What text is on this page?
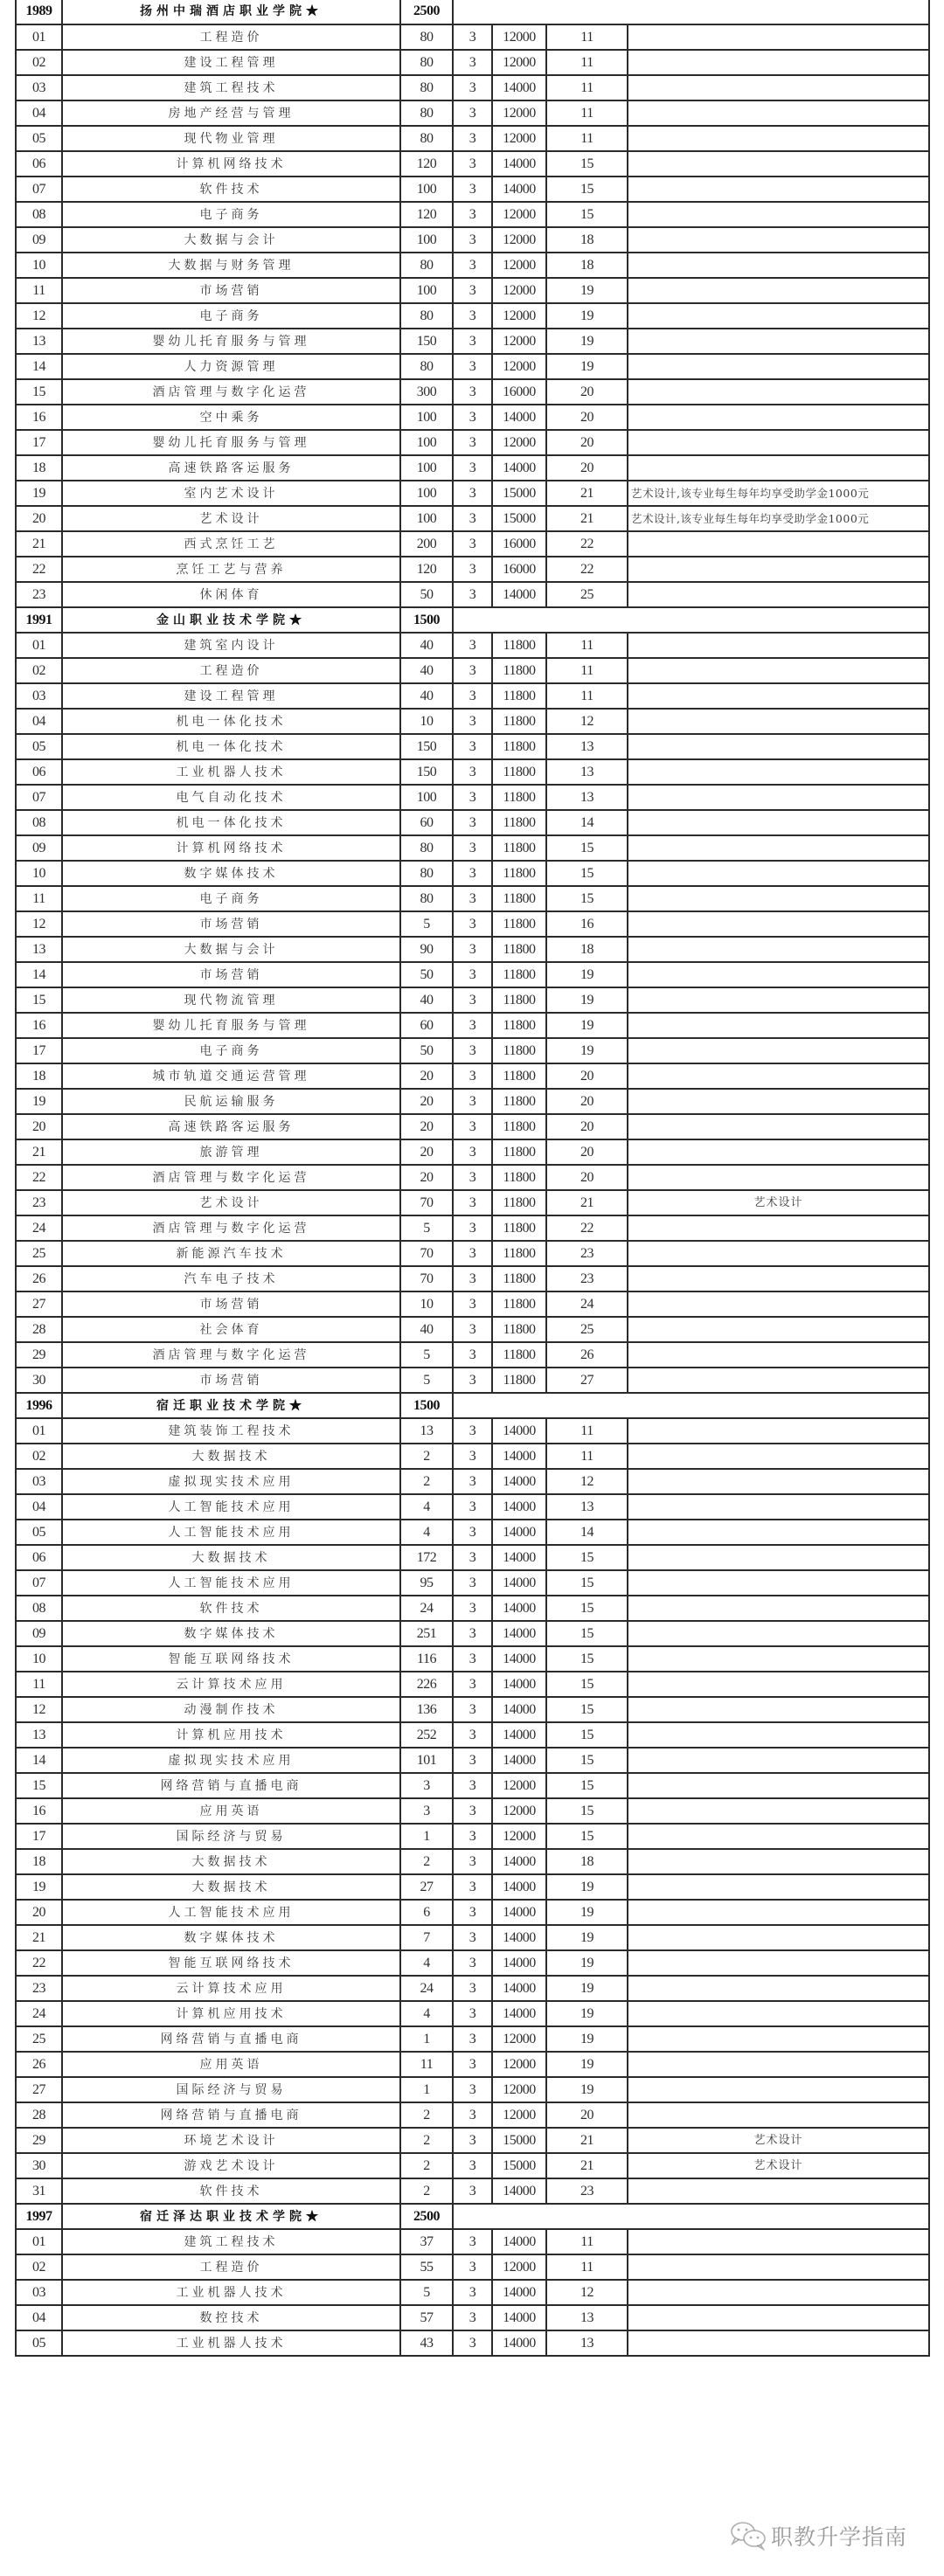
1989	扬州中瑞酒店职业学院★	2500				
01	工程造价	80	3	12000	11	
02	建设工程管理	80	3	12000	11	
03	建筑工程技术	80	3	14000	11	
04	房地产经营与管理	80	3	12000	11	
05	现代物业管理	80	3	12000	11	
06	计算机网络技术	120	3	14000	15	
07	软件技术	100	3	14000	15	
08	电子商务	120	3	12000	15	
09	大数据与会计	100	3	12000	18	
10	大数据与财务管理	80	3	12000	18	
11	市场营销	100	3	12000	19	
12	电子商务	80	3	12000	19	
13	婴幼儿托育服务与管理	150	3	12000	19	
14	人力资源管理	80	3	12000	19	
15	酒店管理与数字化运营	300	3	16000	20	
16	空中乘务	100	3	14000	20	
17	婴幼儿托育服务与管理	100	3	12000	20	
18	高速铁路客运服务	100	3	14000	20	
19	室内艺术设计	100	3	15000	21	艺术设计,该专业每生每年均享受助学金1000元
20	艺术设计	100	3	15000	21	艺术设计,该专业每生每年均享受助学金1000元
21	西式烹饪工艺	200	3	16000	22	
22	烹饪工艺与营养	120	3	16000	22	
23	休闲体育	50	3	14000	25	
1991	金山职业技术学院★	1500				
01	建筑室内设计	40	3	11800	11	
02	工程造价	40	3	11800	11	
03	建设工程管理	40	3	11800	11	
04	机电一体化技术	10	3	11800	12	
05	机电一体化技术	150	3	11800	13	
06	工业机器人技术	150	3	11800	13	
07	电气自动化技术	100	3	11800	13	
08	机电一体化技术	60	3	11800	14	
09	计算机网络技术	80	3	11800	15	
10	数字媒体技术	80	3	11800	15	
11	电子商务	80	3	11800	15	
12	市场营销	5	3	11800	16	
13	大数据与会计	90	3	11800	18	
14	市场营销	50	3	11800	19	
15	现代物流管理	40	3	11800	19	
16	婴幼儿托育服务与管理	60	3	11800	19	
17	电子商务	50	3	11800	19	
18	城市轨道交通运营管理	20	3	11800	20	
19	民航运输服务	20	3	11800	20	
20	高速铁路客运服务	20	3	11800	20	
21	旅游管理	20	3	11800	20	
22	酒店管理与数字化运营	20	3	11800	20	
23	艺术设计	70	3	11800	21	艺术设计
24	酒店管理与数字化运营	5	3	11800	22	
25	新能源汽车技术	70	3	11800	23	
26	汽车电子技术	70	3	11800	23	
27	市场营销	10	3	11800	24	
28	社会体育	40	3	11800	25	
29	酒店管理与数字化运营	5	3	11800	26	
30	市场营销	5	3	11800	27	
1996	宿迁职业技术学院★	1500				
01	建筑装饰工程技术	13	3	14000	11	
02	大数据技术	2	3	14000	11	
03	虚拟现实技术应用	2	3	14000	12	
04	人工智能技术应用	4	3	14000	13	
05	人工智能技术应用	4	3	14000	14	
06	大数据技术	172	3	14000	15	
07	人工智能技术应用	95	3	14000	15	
08	软件技术	24	3	14000	15	
09	数字媒体技术	251	3	14000	15	
10	智能互联网络技术	116	3	14000	15	
11	云计算技术应用	226	3	14000	15	
12	动漫制作技术	136	3	14000	15	
13	计算机应用技术	252	3	14000	15	
14	虚拟现实技术应用	101	3	14000	15	
15	网络营销与直播电商	3	3	12000	15	
16	应用英语	3	3	12000	15	
17	国际经济与贸易	1	3	12000	15	
18	大数据技术	2	3	14000	18	
19	大数据技术	27	3	14000	19	
20	人工智能技术应用	6	3	14000	19	
21	数字媒体技术	7	3	14000	19	
22	智能互联网络技术	4	3	14000	19	
23	云计算技术应用	24	3	14000	19	
24	计算机应用技术	4	3	14000	19	
25	网络营销与直播电商	1	3	12000	19	
26	应用英语	11	3	12000	19	
27	国际经济与贸易	1	3	12000	19	
28	网络营销与直播电商	2	3	12000	20	
29	环境艺术设计	2	3	15000	21	艺术设计
30	游戏艺术设计	2	3	15000	21	艺术设计
31	软件技术	2	3	14000	23	
1997	宿迁泽达职业技术学院★	2500				
01	建筑工程技术	37	3	14000	11	
02	工程造价	55	3	12000	11	
03	工业机器人技术	5	3	14000	12	
04	数控技术	57	3	14000	13	
05	工业机器人技术	43	3	14000	13	
职教升学指南
